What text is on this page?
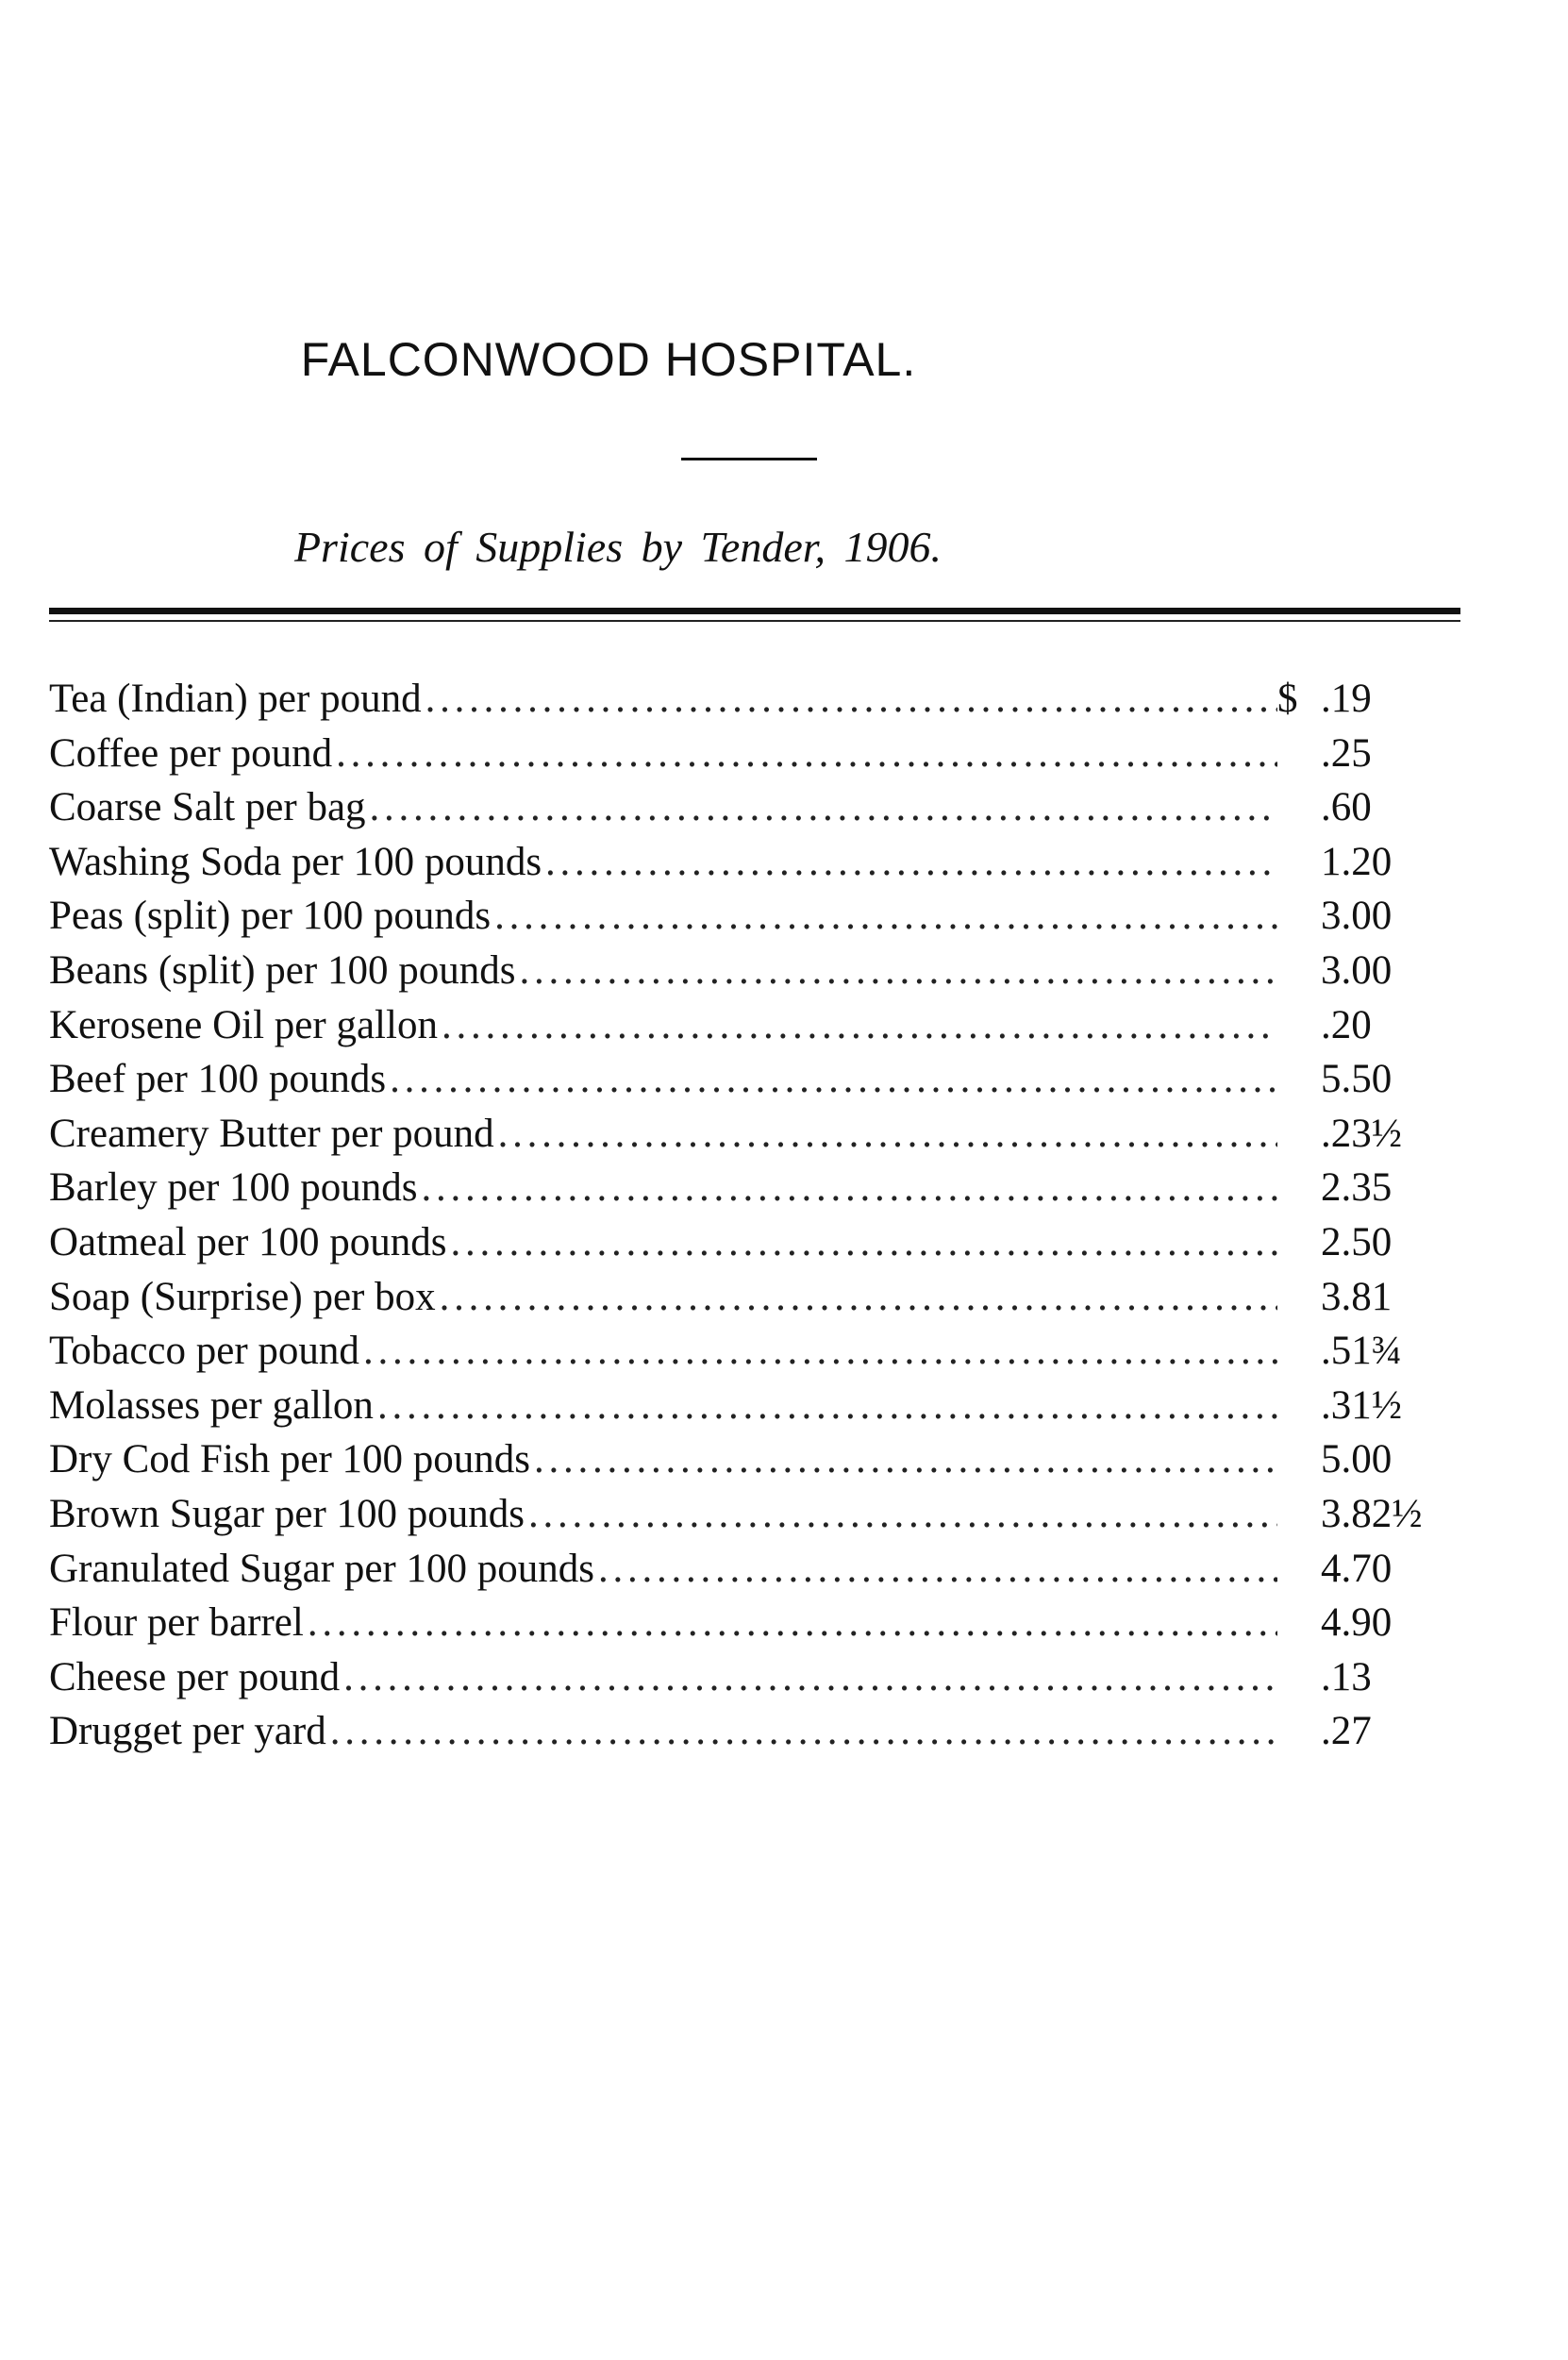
FALCONWOOD HOSPITAL.
Prices of Supplies by Tender, 1906.
Tea (Indian) per pound . . .	$ .19
Coffee per pound . . .	.25
Coarse Salt per bag . . .	.60
Washing Soda per 100 pounds . . .	1.20
Peas (split) per 100 pounds . . .	3.00
Beans (split) per 100 pounds . . .	3.00
Kerosene Oil per gallon . . .	.20
Beef per 100 pounds . . .	5.50
Creamery Butter per pound . . .	.23½
Barley per 100 pounds . . .	2.35
Oatmeal per 100 pounds . . .	2.50
Soap (Surprise) per box . . .	3.81
Tobacco per pound . . .	.51¾
Molasses per gallon . . .	.31½
Dry Cod Fish per 100 pounds . . .	5.00
Brown Sugar per 100 pounds . . .	3.82½
Granulated Sugar per 100 pounds . . .	4.70
Flour per barrel . . .	4.90
Cheese per pound . . .	.13
Drugget per yard . . .	.27
